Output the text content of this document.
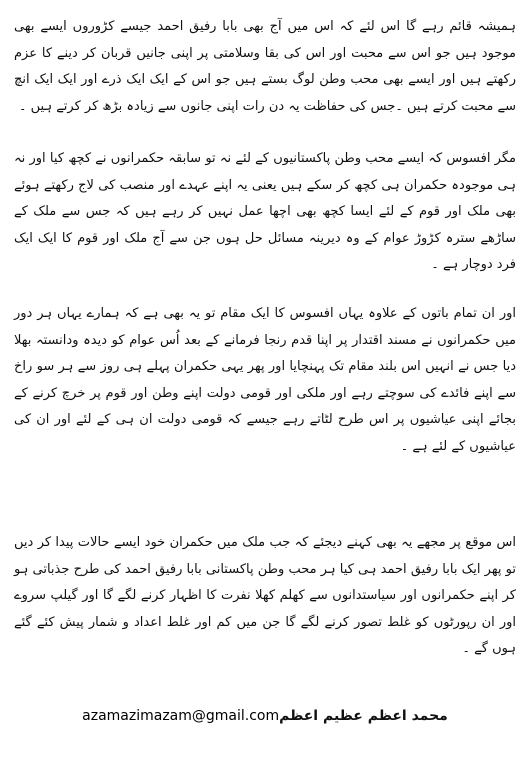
ہمیشہ قائم رہے گا اس لئے کہ اس میں آج بھی بابا رفیق احمد جیسے کڑوروں ایسے بھی موجود ہیں جو اس سے محبت اور اس کی بقا وسلامتی پر اپنی جانیں قربان کر دینے کا عزم رکھتے ہیں اور ایسے بھی محب وطن لوگ بستے ہیں جو اس کے ایک ایک ذرے اور ایک ایک انچ سے محبت کرتے ہیں ۔جس کی حفاظت یہ دن رات اپنی جانوں سے زیادہ بڑھ کر کرتے ہیں ۔

مگر افسوس کہ ایسے محب وطن پاکستانیوں کے لئے نہ تو سابقہ حکمرانوں نے کچھ کیا اور نہ ہی موجودہ حکمران ہی کچھ کر سکے ہیں یعنی یہ اپنے عہدے اور منصب کی لاج رکھتے ہوئے بھی ملک اور قوم کے لئے ایسا کچھ بھی اچھا عمل نہیں کر رہے ہیں کہ جس سے ملک کے ساڑھے سترہ کڑوڑ عوام کے وہ دیرینہ مسائل حل ہوں جن سے آج ملک اور قوم کا ایک ایک فرد دوچار ہے ۔

اور ان تمام باتوں کے علاوہ یہاں افسوس کا ایک مقام تو یہ بھی ہے کہ ہمارے یہاں ہر دور میں حکمرانوں نے مسند اقتدار پر اپنا قدم رنجا فرمانے کے بعد اُس عوام کو دیدہ ودانستہ بھلا دیا جس نے انہیں اس بلند مقام تک پہنچایا اور پھر یہی حکمران پہلے ہی روز سے ہر سو راخ سے اپنے فائدے کی سوچتے رہے اور ملکی اور قومی دولت اپنے وطن اور قوم پر خرچ کرنے کے بجائے اپنی عیاشیوں پر اس طرح لٹاتے رہے جیسے کہ قومی دولت ان ہی کے لئے اور ان کی عیاشیوں کے لئے ہے ۔

اس موقع پر مجھے یہ بھی کہنے دیجئے کہ جب ملک میں حکمران خود ایسے حالات پیدا کر دیں تو پھر ایک بابا رفیق احمد ہی کیا ہر محب وطن پاکستانی بابا رفیق احمد کی طرح جذباتی ہو کر اپنے حکمرانوں اور سیاستدانوں سے کھلم کھلا نفرت کا اظہار کرنے لگے گا اور گیلپ سروے اور ان رپورٹوں کو غلط تصور کرنے لگے گا جن میں کم اور غلط اعداد و شمار پیش کئے گئے ہوں گے ۔

azamazimazam@gmail.comمحمد اعظم عظیم اعظم
